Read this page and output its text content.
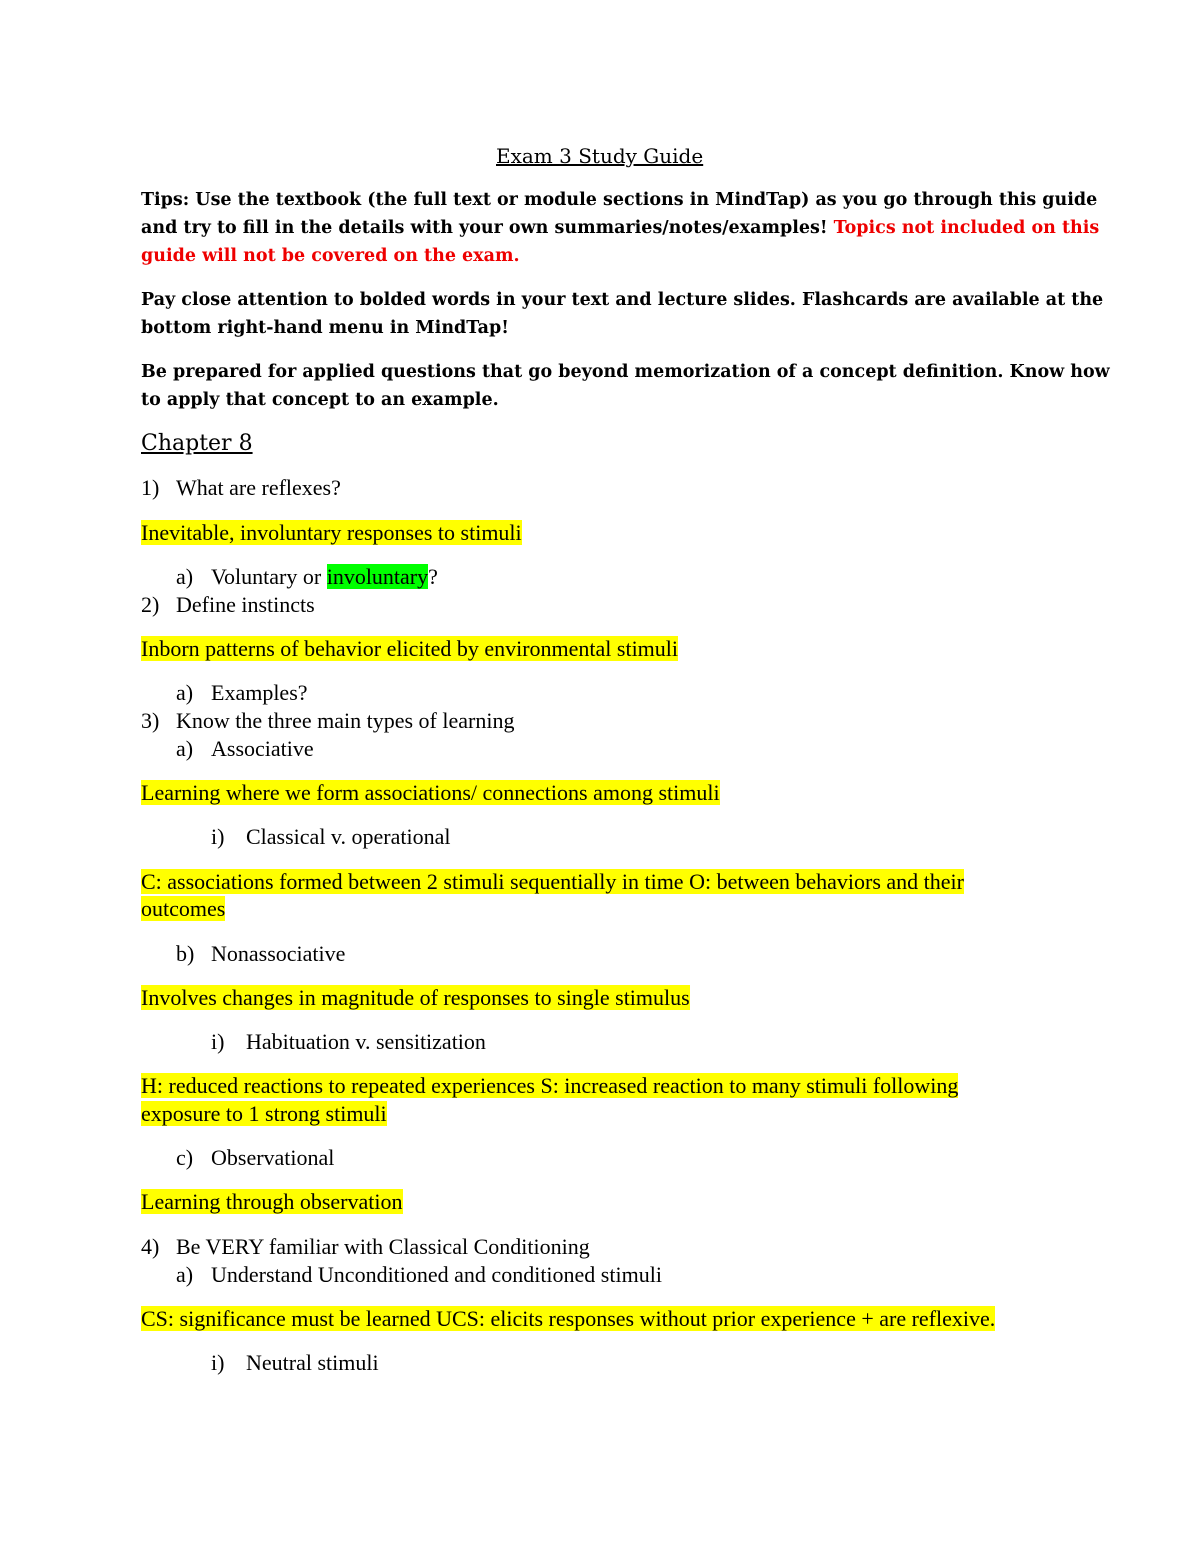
Exam 3 Study Guide
Tips: Use the textbook (the full text or module sections in MindTap) as you go through this guide
and try to fill in the details with your own summaries/notes/examples! Topics not included on this
guide will not be covered on the exam.
Pay close attention to bolded words in your text and lecture slides. Flashcards are available at the
bottom right-hand menu in MindTap!
Be prepared for applied questions that go beyond memorization of a concept definition. Know how
to apply that concept to an example.
Chapter 8
1) What are reflexes?
Inevitable, involuntary responses to stimuli
a) Voluntary or involuntary?
2) Define instincts
Inborn patterns of behavior elicited by environmental stimuli
a) Examples?
3) Know the three main types of learning
a) Associative
Learning where we form associations/ connections among stimuli
i) Classical v. operational
C: associations formed between 2 stimuli sequentially in time O: between behaviors and their
outcomes
b) Nonassociative
Involves changes in magnitude of responses to single stimulus
i) Habituation v. sensitization
H: reduced reactions to repeated experiences S: increased reaction to many stimuli following
exposure to 1 strong stimuli
c) Observational
Learning through observation
4) Be VERY familiar with Classical Conditioning
a) Understand Unconditioned and conditioned stimuli
CS: significance must be learned UCS: elicits responses without prior experience + are reflexive.
i) Neutral stimuli
